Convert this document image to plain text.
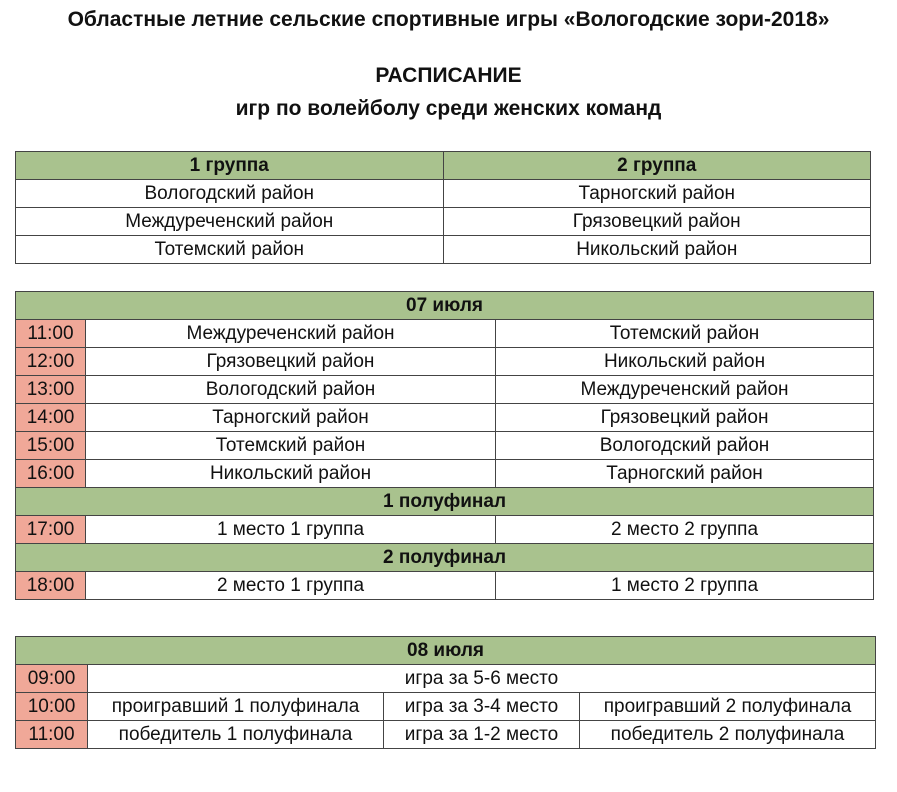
Областные летние сельские спортивные игры «Вологодские зори-2018»
РАСПИСАНИЕ
игр по волейболу среди женских команд
1 группа	2 группа
Вологодский район	Тарногский район
Междуреченский район	Грязовецкий район
Тотемский район	Никольский район
07 июля		
11:00	Междуреченский район	Тотемский район
12:00	Грязовецкий район	Никольский район
13:00	Вологодский район	Междуреченский район
14:00	Тарногский район	Грязовецкий район
15:00	Тотемский район	Вологодский район
16:00	Никольский район	Тарногский район
1 полуфинал		
17:00	1 место 1 группа	2 место 2 группа
2 полуфинал		
18:00	2 место 1 группа	1 место 2 группа
08 июля			
09:00	игра за 5-6 место		
10:00	проигравший 1 полуфинала	игра за 3-4 место	проигравший 2 полуфинала
11:00	победитель 1 полуфинала	игра за 1-2 место	победитель 2 полуфинала
